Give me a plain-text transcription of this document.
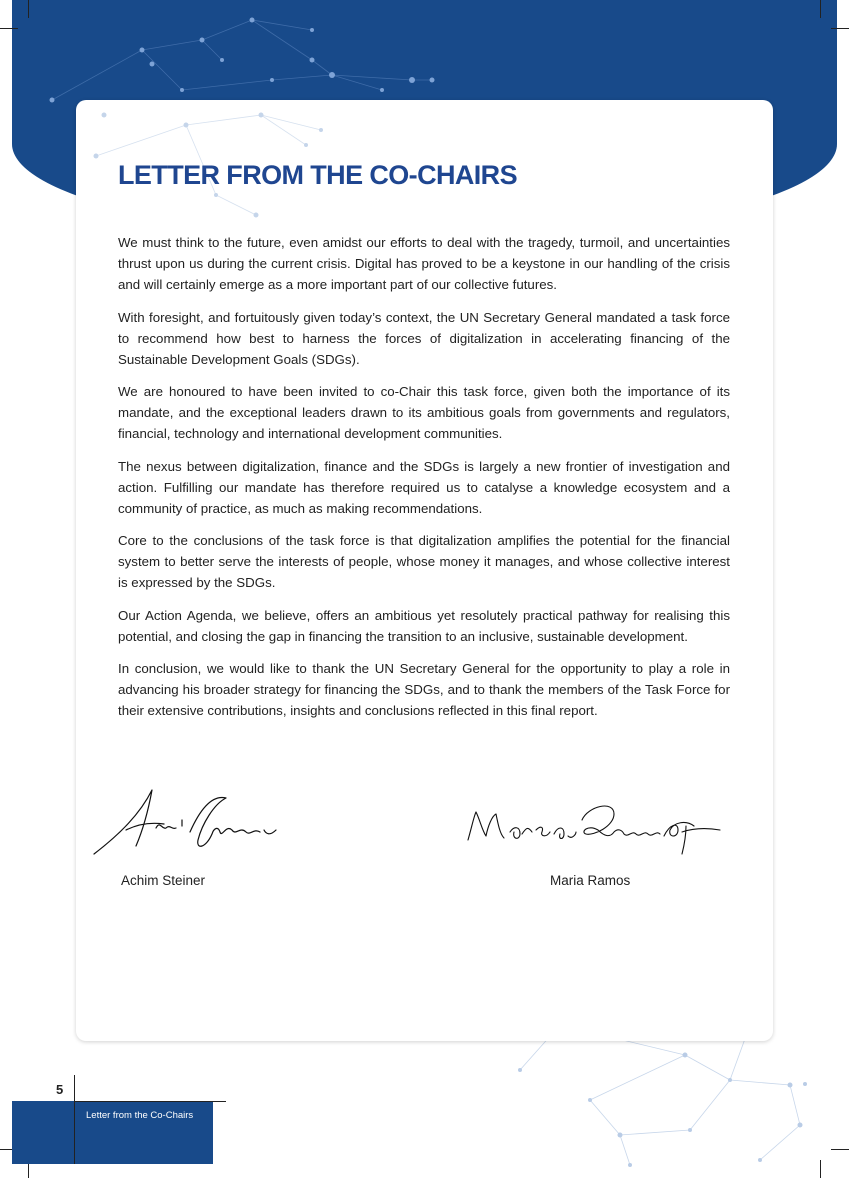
LETTER FROM THE CO-CHAIRS

We must think to the future, even amidst our efforts to deal with the tragedy, turmoil, and uncertainties thrust upon us during the current crisis. Digital has proved to be a keystone in our handling of the crisis and will certainly emerge as a more important part of our collective futures.

With foresight, and fortuitously given today’s context, the UN Secretary General mandated a task force to recommend how best to harness the forces of digitalization in accelerating financing of the Sustainable Development Goals (SDGs).

We are honoured to have been invited to co-Chair this task force, given both the importance of its mandate, and the exceptional leaders drawn to its ambitious goals from governments and regulators, financial, technology and international development communities.

The nexus between digitalization, finance and the SDGs is largely a new frontier of investigation and action. Fulfilling our mandate has therefore required us to catalyse a knowledge ecosystem and a community of practice, as much as making recommendations.

Core to the conclusions of the task force is that digitalization amplifies the potential for the financial system to better serve the interests of people, whose money it manages, and whose collective interest is expressed by the SDGs.

Our Action Agenda, we believe, offers an ambitious yet resolutely practical pathway for realising this potential, and closing the gap in financing the transition to an inclusive, sustainable development.

In conclusion, we would like to thank the UN Secretary General for the opportunity to play a role in advancing his broader strategy for financing the SDGs, and to thank the members of the Task Force for their extensive contributions, insights and conclusions reflected in this final report.

Achim Steiner	Maria Ramos
5
Letter from the Co-Chairs
